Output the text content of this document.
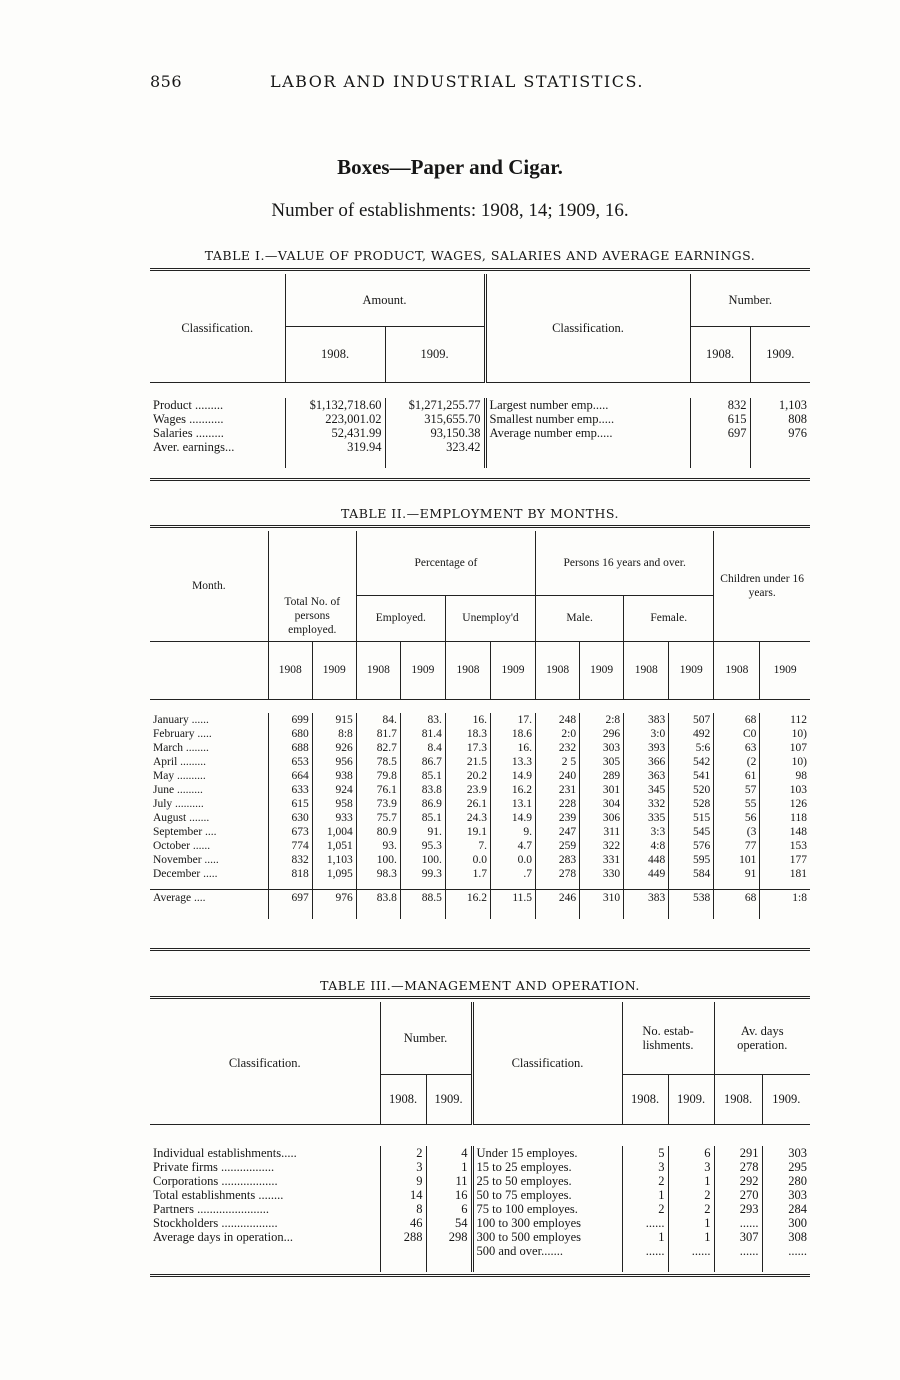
856	LABOR AND INDUSTRIAL STATISTICS.
Boxes—Paper and Cigar.
Number of establishments: 1908, 14; 1909, 16.
TABLE I.—VALUE OF PRODUCT, WAGES, SALARIES AND AVERAGE EARNINGS.
Classification.	Amount.		Classification.	Number.	
	1908.	1909.		1908.	1909.

Product .........	$1,132,718.60	$1,271,255.77	Largest number emp.....	832	1,103
Wages ...........	223,001.02	315,655.70	Smallest number emp.....	615	808
Salaries .........	52,431.99	93,150.38	Average number emp.....	697	976
Aver. earnings...	319.94	323.42			

TABLE II.—EMPLOYMENT BY MONTHS.
Month.	Total No. of persons employed.		Percentage of				Persons 16 years and over.				Children under 16 years.	
			Employed.		Unemploy'd		Male.		Female.			
	1908	1909	1908	1909	1908	1909	1908	1909	1908	1909	1908	1909

January ......	699	915	84.	83.	16.	17.	248	2:8	383	507	68	112
February .....	680	8:8	81.7	81.4	18.3	18.6	2:0	296	3:0	492	C0	10)
March ........	688	926	82.7	8.4	17.3	16.	232	303	393	5:6	63	107
April .........	653	956	78.5	86.7	21.5	13.3	2 5	305	366	542	(2	10)
May ..........	664	938	79.8	85.1	20.2	14.9	240	289	363	541	61	98
June .........	633	924	76.1	83.8	23.9	16.2	231	301	345	520	57	103
July ..........	615	958	73.9	86.9	26.1	13.1	228	304	332	528	55	126
August .......	630	933	75.7	85.1	24.3	14.9	239	306	335	515	56	118
September ....	673	1,004	80.9	91.	19.1	9.	247	311	3:3	545	(3	148
October ......	774	1,051	93.	95.3	7.	4.7	259	322	4:8	576	77	153
November .....	832	1,103	100.	100.	0.0	0.0	283	331	448	595	101	177
December .....	818	1,095	98.3	99.3	1.7	.7	278	330	449	584	91	181

Average ....	697	976	83.8	88.5	16.2	11.5	246	310	383	538	68	1:8

TABLE III.—MANAGEMENT AND OPERATION.
Classification.	Number.		Classification.	No. estab- lishments.		Av. days operation.	
	1908.	1909.		1908.	1909.	1908.	1909.

Individual establishments.....	2	4	Under 15 employes.	5	6	291	303
Private firms .................	3	1	15 to 25 employes.	3	3	278	295
Corporations ..................	9	11	25 to 50 employes.	2	1	292	280
Total establishments ........	14	16	50 to 75 employes.	1	2	270	303
Partners .......................	8	6	75 to 100 employes.	2	2	293	284
Stockholders ..................	46	54	100 to 300 employes	......	1	......	300
Average days in operation...	288	298	300 to 500 employes	1	1	307	308
			500 and over.......	......	......	......	......
